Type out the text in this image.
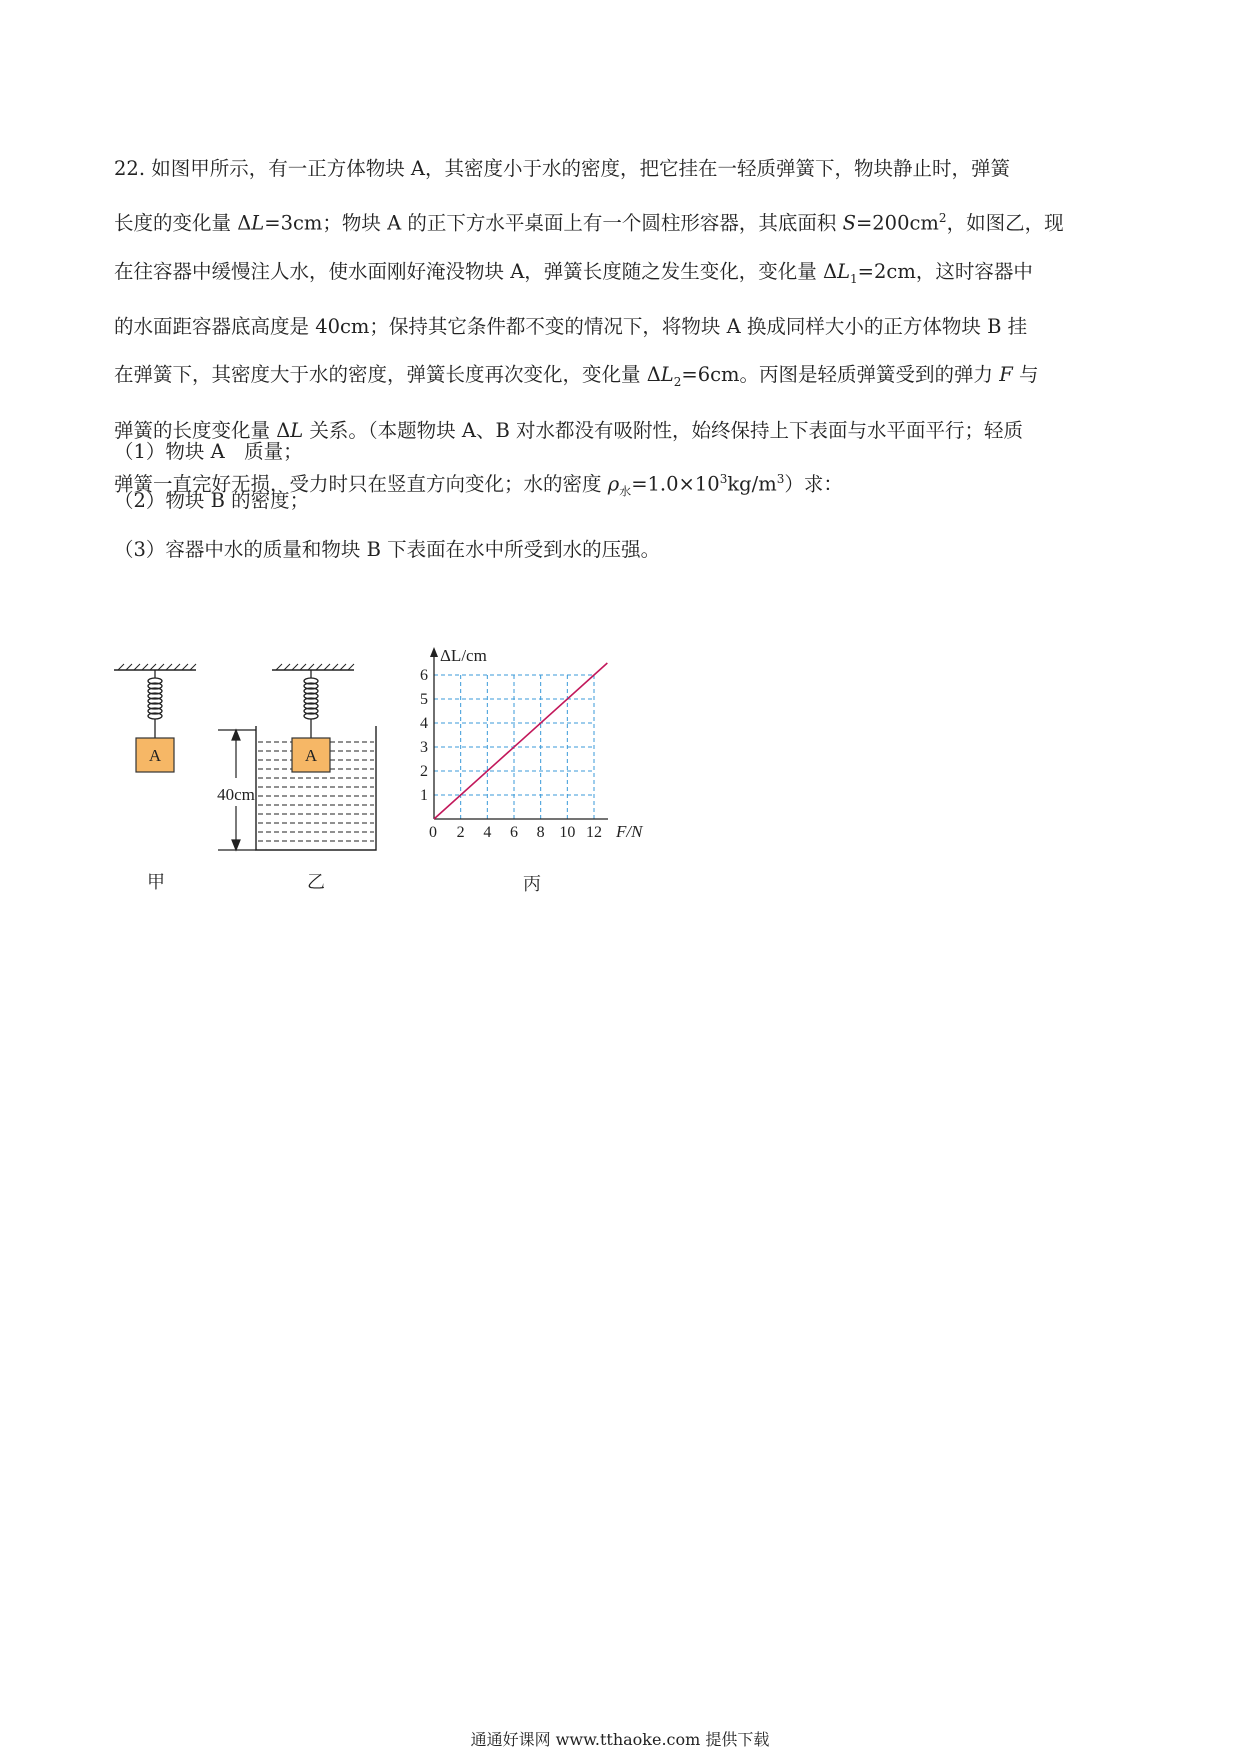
22. 如图甲所示，有一正方体物块 A，其密度小于水的密度，把它挂在一轻质弹簧下，物块静止时，弹簧
长度的变化量 ΔL=3cm；物块 A 的正下方水平桌面上有一个圆柱形容器，其底面积 $S=200cm^2$，如图乙，现
在往容器中缓慢注人水，使水面刚好淹没物块 A，弹簧长度随之发生变化，变化量 $\Delta L_1=2cm$，这时容器中
的水面距容器底高度是 40cm；保持其它条件都不变的情况下，将物块 A 换成同样大小的正方体物块 B 挂
在弹簧下，其密度大于水的密度，弹簧长度再次变化，变化量 $\Delta L_2=6cm$。丙图是轻质弹簧受到的弹力 F 与
弹簧的长度变化量 ΔL 关系。（本题物块 A、B 对水都没有吸附性，始终保持上下表面与水平面平行；轻质
弹簧一直完好无损，受力时只在竖直方向变化；水的密度 $\rho_水=1.0\times 10^3kg/m^3$）求：
（1）物块 A　质量；
（2）物块 B 的密度；
（3）容器中水的质量和物块 B 下表面在水中所受到水的压强。
A	A
40cm
0 2 4 6 8 10 12
1
2
3
4
5
6
ΔL/cm
F/N
甲	乙	丙
通通好课网 www.tthaoke.com 提供下载
